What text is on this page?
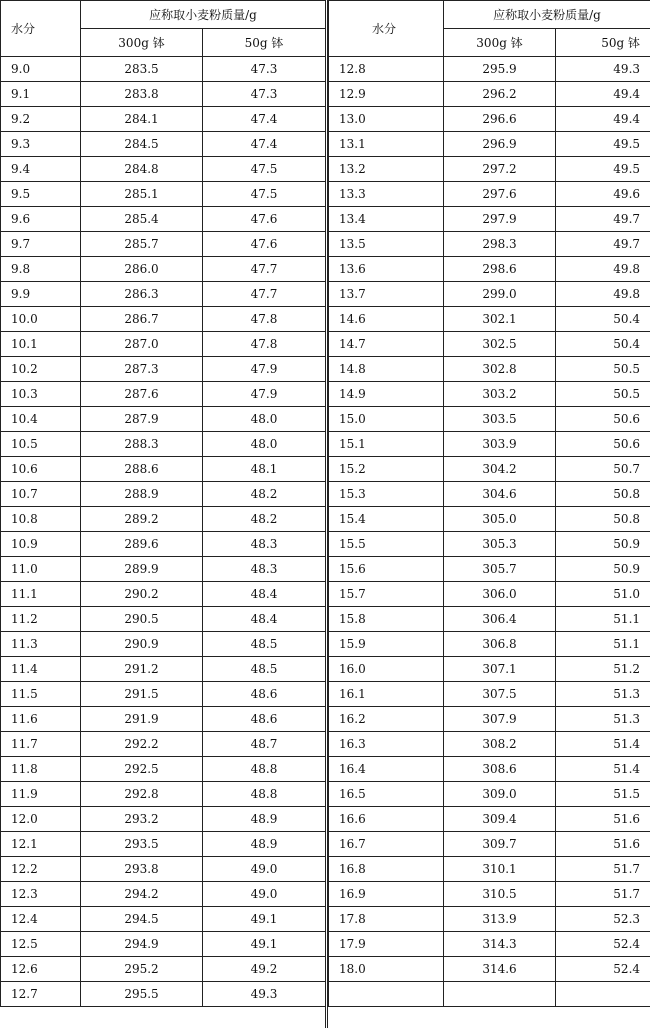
水分	应称取小麦粉质量/g	
	300g 钵	50g 钵
9.0	283.5	47.3
9.1	283.8	47.3
9.2	284.1	47.4
9.3	284.5	47.4
9.4	284.8	47.5
9.5	285.1	47.5
9.6	285.4	47.6
9.7	285.7	47.6
9.8	286.0	47.7
9.9	286.3	47.7
10.0	286.7	47.8
10.1	287.0	47.8
10.2	287.3	47.9
10.3	287.6	47.9
10.4	287.9	48.0
10.5	288.3	48.0
10.6	288.6	48.1
10.7	288.9	48.2
10.8	289.2	48.2
10.9	289.6	48.3
11.0	289.9	48.3
11.1	290.2	48.4
11.2	290.5	48.4
11.3	290.9	48.5
11.4	291.2	48.5
11.5	291.5	48.6
11.6	291.9	48.6
11.7	292.2	48.7
11.8	292.5	48.8
11.9	292.8	48.8
12.0	293.2	48.9
12.1	293.5	48.9
12.2	293.8	49.0
12.3	294.2	49.0
12.4	294.5	49.1
12.5	294.9	49.1
12.6	295.2	49.2
12.7	295.5	49.3
水分	应称取小麦粉质量/g	
	300g 钵	50g 钵
12.8	295.9	49.3
12.9	296.2	49.4
13.0	296.6	49.4
13.1	296.9	49.5
13.2	297.2	49.5
13.3	297.6	49.6
13.4	297.9	49.7
13.5	298.3	49.7
13.6	298.6	49.8
13.7	299.0	49.8
14.6	302.1	50.4
14.7	302.5	50.4
14.8	302.8	50.5
14.9	303.2	50.5
15.0	303.5	50.6
15.1	303.9	50.6
15.2	304.2	50.7
15.3	304.6	50.8
15.4	305.0	50.8
15.5	305.3	50.9
15.6	305.7	50.9
15.7	306.0	51.0
15.8	306.4	51.1
15.9	306.8	51.1
16.0	307.1	51.2
16.1	307.5	51.3
16.2	307.9	51.3
16.3	308.2	51.4
16.4	308.6	51.4
16.5	309.0	51.5
16.6	309.4	51.6
16.7	309.7	51.6
16.8	310.1	51.7
16.9	310.5	51.7
17.8	313.9	52.3
17.9	314.3	52.4
18.0	314.6	52.4
